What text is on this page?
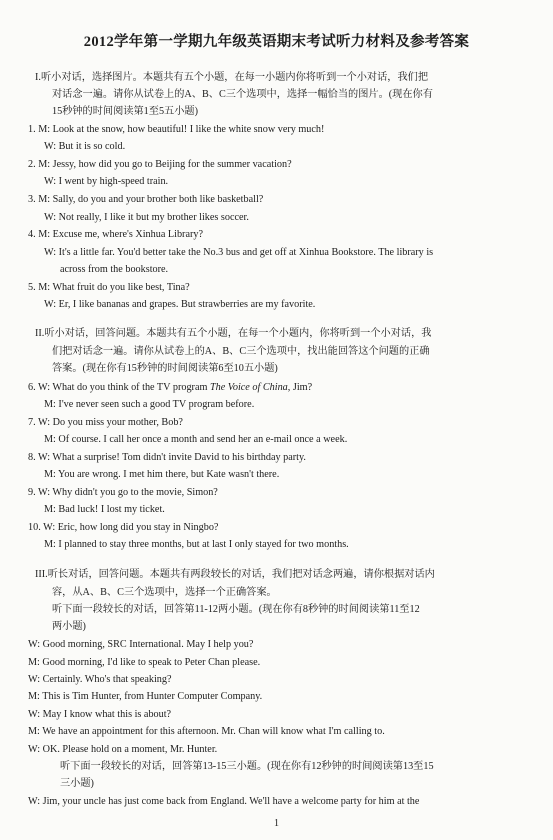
2012学年第一学期九年级英语期末考试听力材料及参考答案
I.听小对话，选择图片。本题共有五个小题，在每一小题内你将听到一个小对话，我们把
对话念一遍。请你从试卷上的A、B、C三个选项中，选择一幅恰当的图片。(现在你有
15秒钟的时间阅读第1至5五小题)
1. M: Look at the snow, how beautiful! I like the white snow very much!
W: But it is so cold.
2. M: Jessy, how did you go to Beijing for the summer vacation?
W: I went by high-speed train.
3. M: Sally, do you and your brother both like basketball?
W: Not really, I like it but my brother likes soccer.
4. M: Excuse me, where's Xinhua Library?
W: It's a little far. You'd better take the No.3 bus and get off at Xinhua Bookstore. The library is
across from the bookstore.
5. M: What fruit do you like best, Tina?
W: Er, I like bananas and grapes. But strawberries are my favorite.
II.听小对话，回答问题。本题共有五个小题，在每一个小题内，你将听到一个小对话，我
们把对话念一遍。请你从试卷上的A、B、C三个选项中，找出能回答这个问题的正确
答案。(现在你有15秒钟的时间阅读第6至10五小题)
6. W: What do you think of the TV program The Voice of China, Jim?
M: I've never seen such a good TV program before.
7. W: Do you miss your mother, Bob?
M: Of course. I call her once a month and send her an e-mail once a week.
8. W: What a surprise! Tom didn't invite David to his birthday party.
M: You are wrong. I met him there, but Kate wasn't there.
9. W: Why didn't you go to the movie, Simon?
M: Bad luck! I lost my ticket.
10. W: Eric, how long did you stay in Ningbo?
M: I planned to stay three months, but at last I only stayed for two months.
III.听长对话，回答问题。本题共有两段较长的对话，我们把对话念两遍，请你根据对话内
容，从A、B、C三个选项中，选择一个正确答案。
听下面一段较长的对话，回答第11-12两小题。(现在你有8秒钟的时间阅读第11至12
两小题)
W: Good morning, SRC International. May I help you?
M: Good morning, I'd like to speak to Peter Chan please.
W: Certainly. Who's that speaking?
M: This is Tim Hunter, from Hunter Computer Company.
W: May I know what this is about?
M: We have an appointment for this afternoon. Mr. Chan will know what I'm calling to.
W: OK. Please hold on a moment, Mr. Hunter.
听下面一段较长的对话，回答第13-15三小题。(现在你有12秒钟的时间阅读第13至15
三小题)
W: Jim, your uncle has just come back from England. We'll have a welcome party for him at the
1
